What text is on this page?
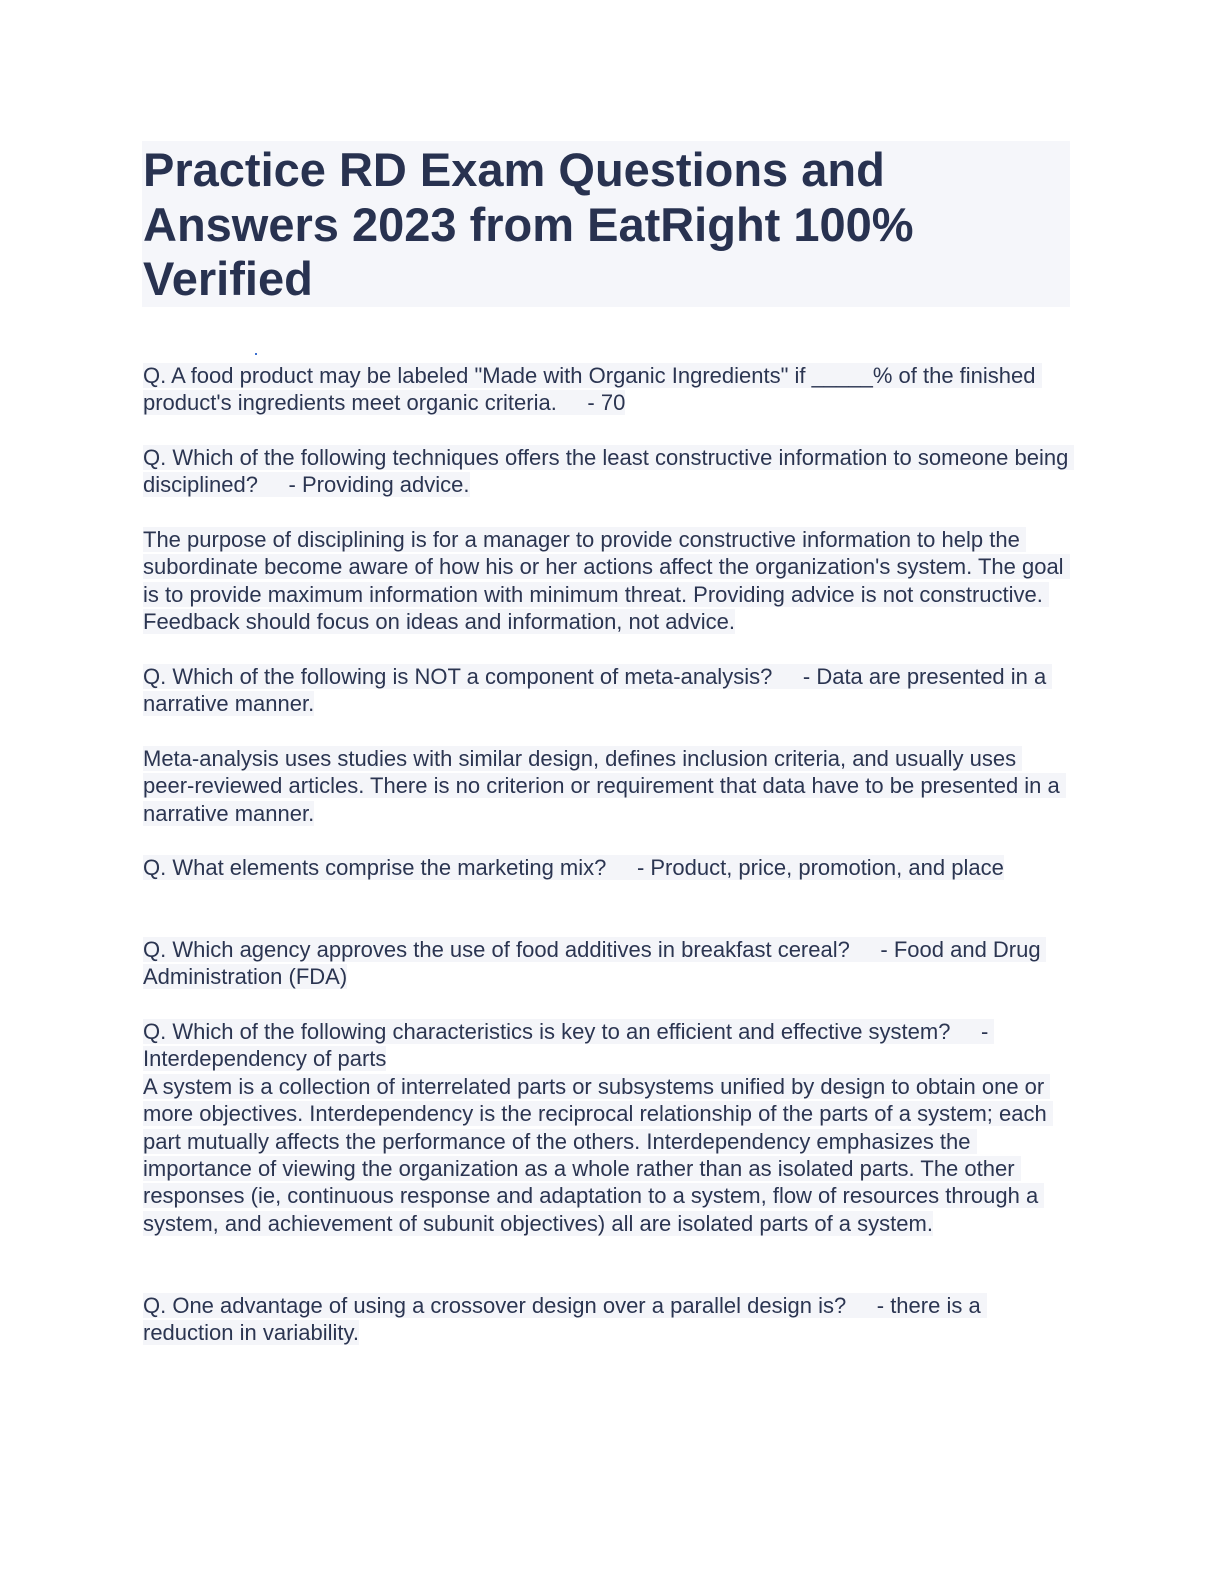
Practice RD Exam Questions and Answers 2023 from EatRight 100% Verified

Q. A food product may be labeled "Made with Organic Ingredients" if _____% of the finished product's ingredients meet organic criteria.     - 70

Q. Which of the following techniques offers the least constructive information to someone being disciplined?     - Providing advice.

The purpose of disciplining is for a manager to provide constructive information to help the subordinate become aware of how his or her actions affect the organization's system. The goal is to provide maximum information with minimum threat. Providing advice is not constructive. Feedback should focus on ideas and information, not advice.

Q. Which of the following is NOT a component of meta-analysis?     - Data are presented in a narrative manner.

Meta-analysis uses studies with similar design, defines inclusion criteria, and usually uses peer-reviewed articles. There is no criterion or requirement that data have to be presented in a narrative manner.

Q. What elements comprise the marketing mix?     - Product, price, promotion, and place

Q. Which agency approves the use of food additives in breakfast cereal?     - Food and Drug Administration (FDA)

Q. Which of the following characteristics is key to an efficient and effective system?     - Interdependency of parts
A system is a collection of interrelated parts or subsystems unified by design to obtain one or more objectives. Interdependency is the reciprocal relationship of the parts of a system; each part mutually affects the performance of the others. Interdependency emphasizes the importance of viewing the organization as a whole rather than as isolated parts. The other responses (ie, continuous response and adaptation to a system, flow of resources through a system, and achievement of subunit objectives) all are isolated parts of a system.

Q. One advantage of using a crossover design over a parallel design is?     - there is a reduction in variability.
